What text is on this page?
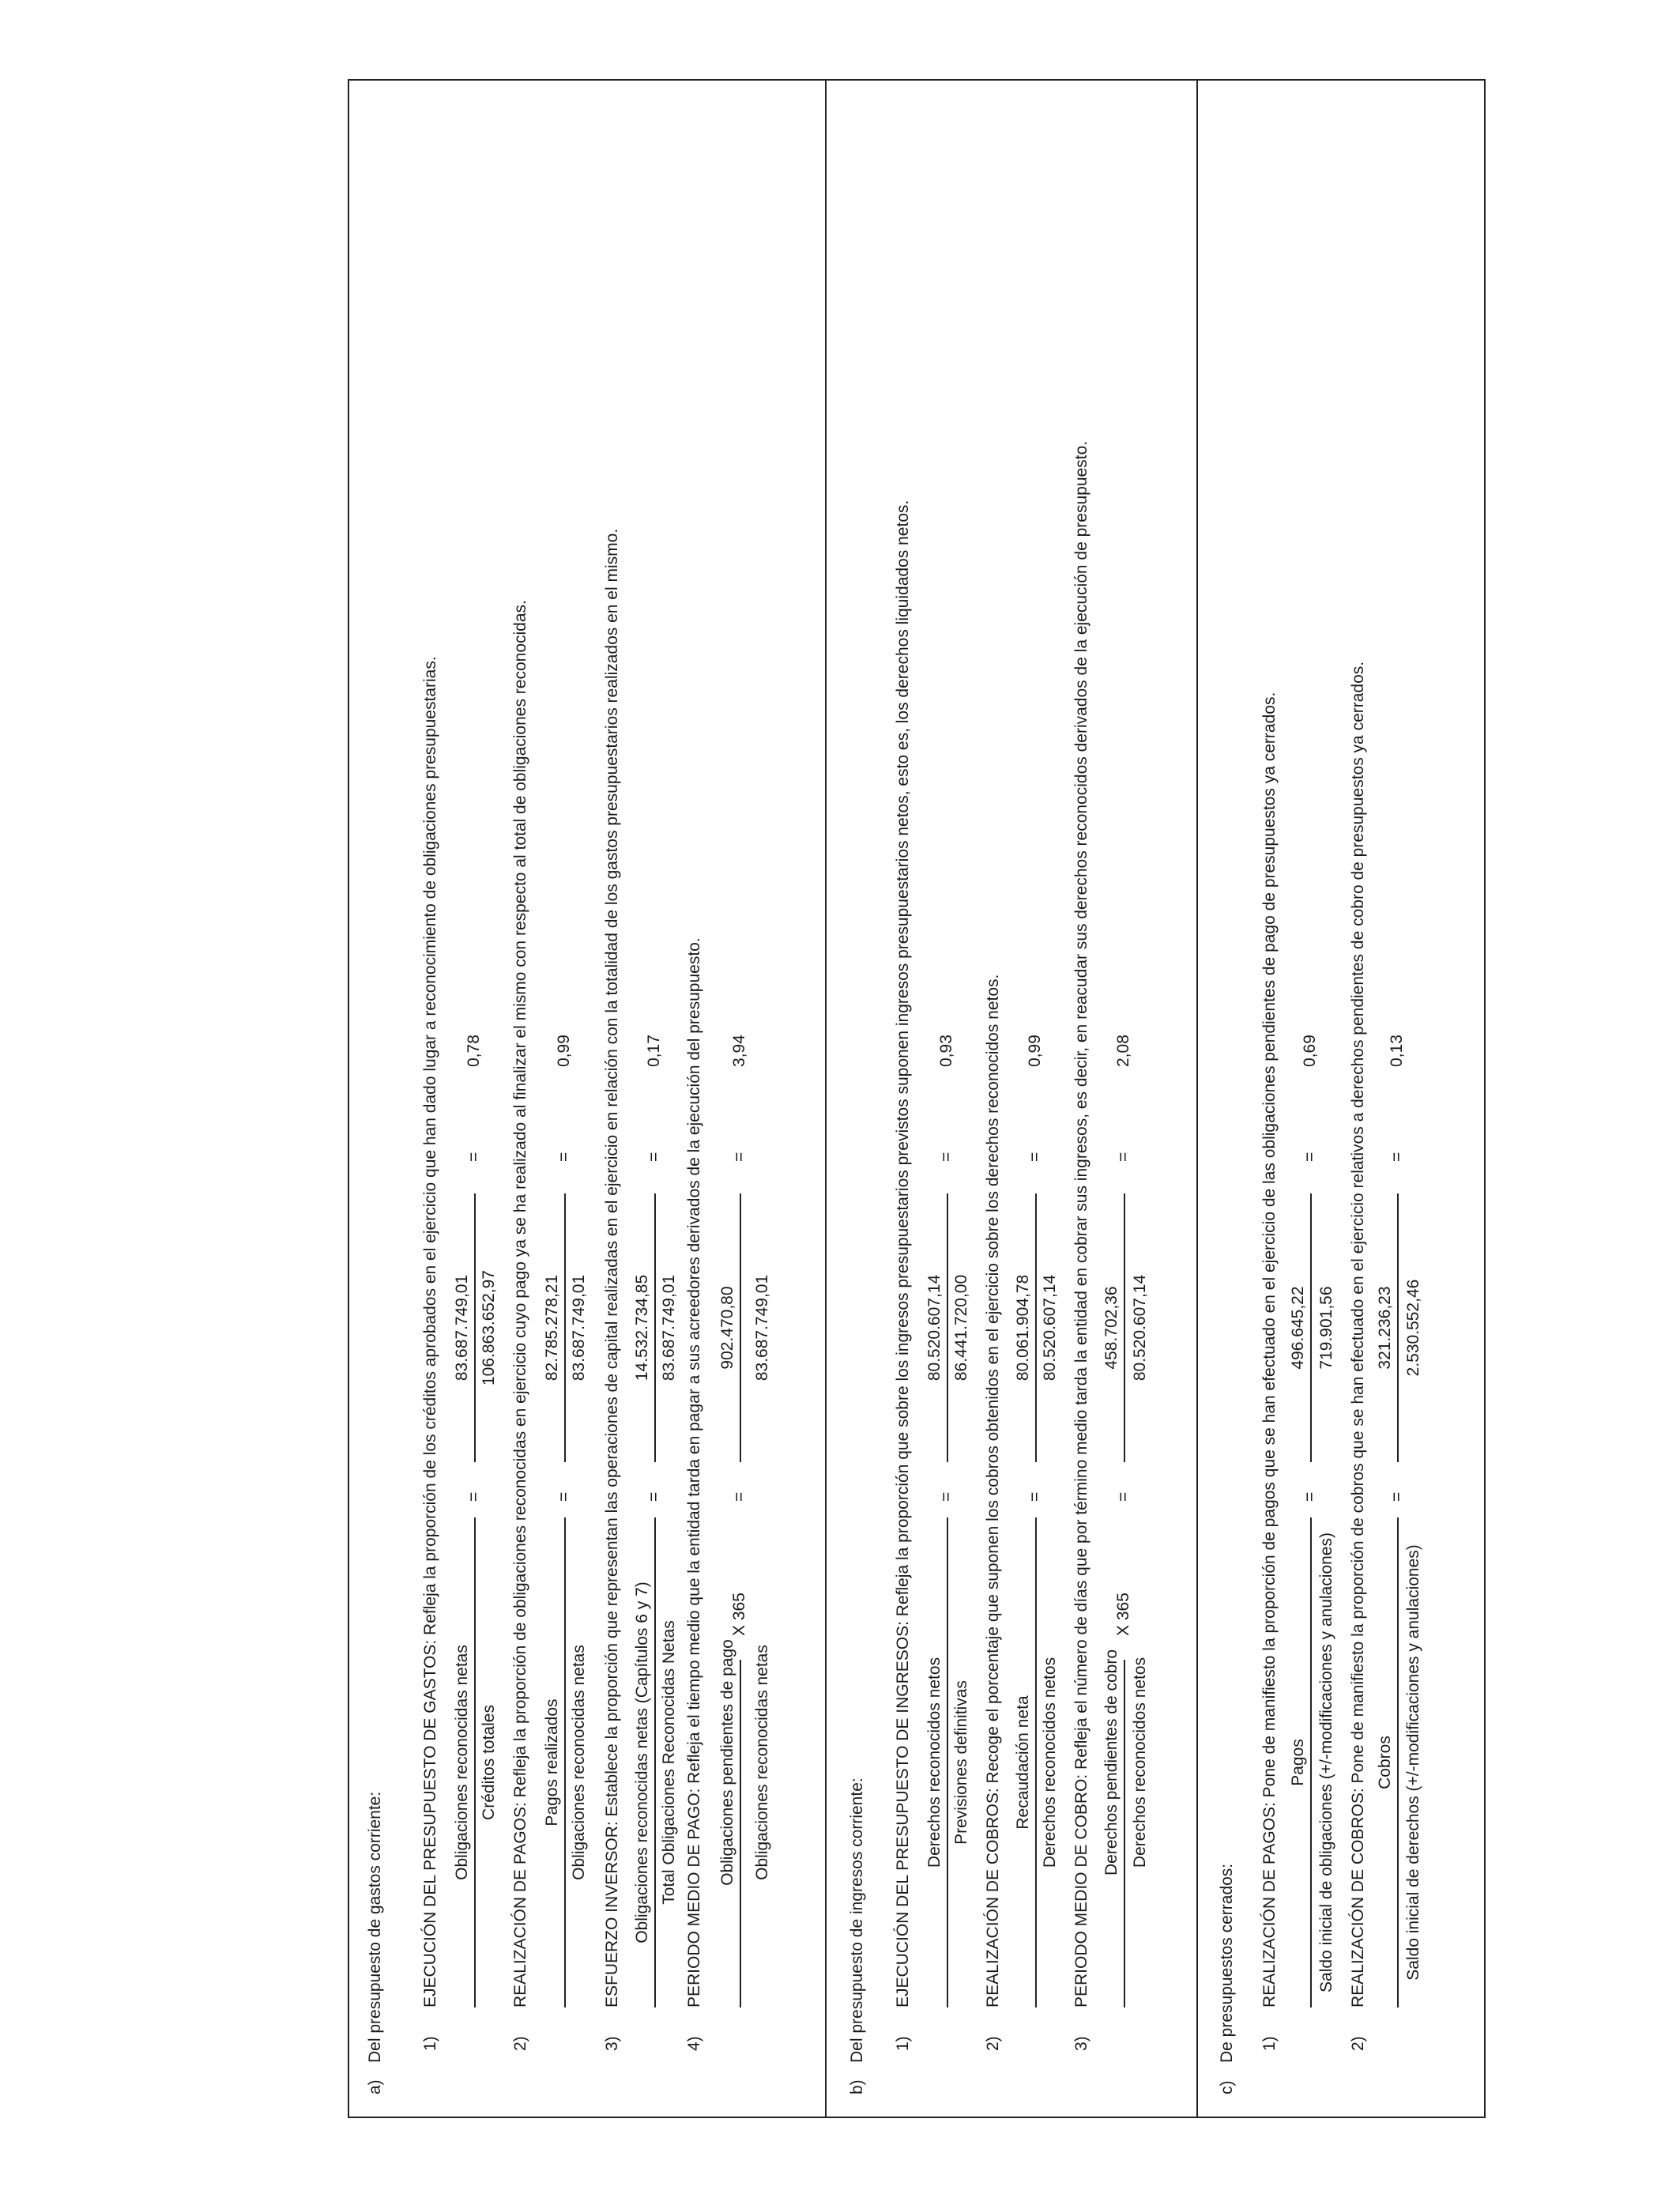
a)
Del presupuesto de gastos corriente: 1)
EJECUCIÓN DEL PRESUPUESTO DE GASTOS: Refleja la proporción de los créditos aprobados en el ejercicio que han dado lugar a reconocimiento de obligaciones presupuestarias. Obligaciones reconocidas netas Créditos totales
=
83.687.749,01 106.863.652,97
=
0,78
2)
REALIZACIÓN DE PAGOS: Refleja la proporción de obligaciones reconocidas en ejercicio cuyo pago ya se ha realizado al finalizar el mismo con respecto al total de obligaciones reconocidas. Pagos realizados Obligaciones reconocidas netas
=
82.785.278,21 83.687.749,01
=
0,99
3)
ESFUERZO INVERSOR: Establece la proporción que representan las operaciones de capital realizadas en el ejercicio en relación con la totalidad de los gastos presupuestarios realizados en el mismo. Obligaciones reconocidas netas (Capítulos 6 y 7) Total Obligaciones Reconocidas Netas
=
14.532.734,85 83.687.749,01
=
0,17
4)
PERIODO MEDIO DE PAGO: Refleja el tiempo medio que la entidad tarda en pagar a sus acreedores derivados de la ejecución del presupuesto. Obligaciones pendientes de pago Obligaciones reconocidas netas
X 365
=
902.470,80 83.687.749,01
=
3,94
b)
Del presupuesto de ingresos corriente: 1)
EJECUCIÓN DEL PRESUPUESTO DE INGRESOS: Refleja la proporción que sobre los ingresos presupuestarios previstos suponen ingresos presupuestarios netos, esto es, los derechos liquidados netos. Derechos reconocidos netos Previsiones definitivas
=
80.520.607,14 86.441.720,00
=
0,93
2)
REALIZACIÓN DE COBROS: Recoge el porcentaje que suponen los cobros obtenidos en el ejercicio sobre los derechos reconocidos netos. Recaudación neta Derechos reconocidos netos
=
80.061.904,78 80.520.607,14
=
0,99
3)
PERIODO MEDIO DE COBRO: Refleja el número de días que por término medio tarda la entidad en cobrar sus ingresos, es decir, en reacudar sus derechos reconocidos derivados de la ejecución de presupuesto. Derechos pendientes de cobro Derechos reconocidos netos
X 365
=
458.702,36 80.520.607,14
=
2,08
c)
De presupuestos cerrados: 1)
REALIZACIÓN DE PAGOS: Pone de manifiesto la proporción de pagos que se han efectuado en el ejercicio de las obligaciones pendientes de pago de presupuestos ya cerrados. Pagos Saldo inicial de obligaciones (+/-modificaciones y anulaciones)
=
496.645,22 719.901,56
=
0,69
2)
REALIZACIÓN DE COBROS: Pone de manifiesto la proporción de cobros que se han efectuado en el ejercicio relativos a derechos pendientes de cobro de presupuestos ya cerrados. Cobros Saldo inicial de derechos (+/-modificaciones y anulaciones)
=
321.236,23 2.530.552,46
=
0,13
